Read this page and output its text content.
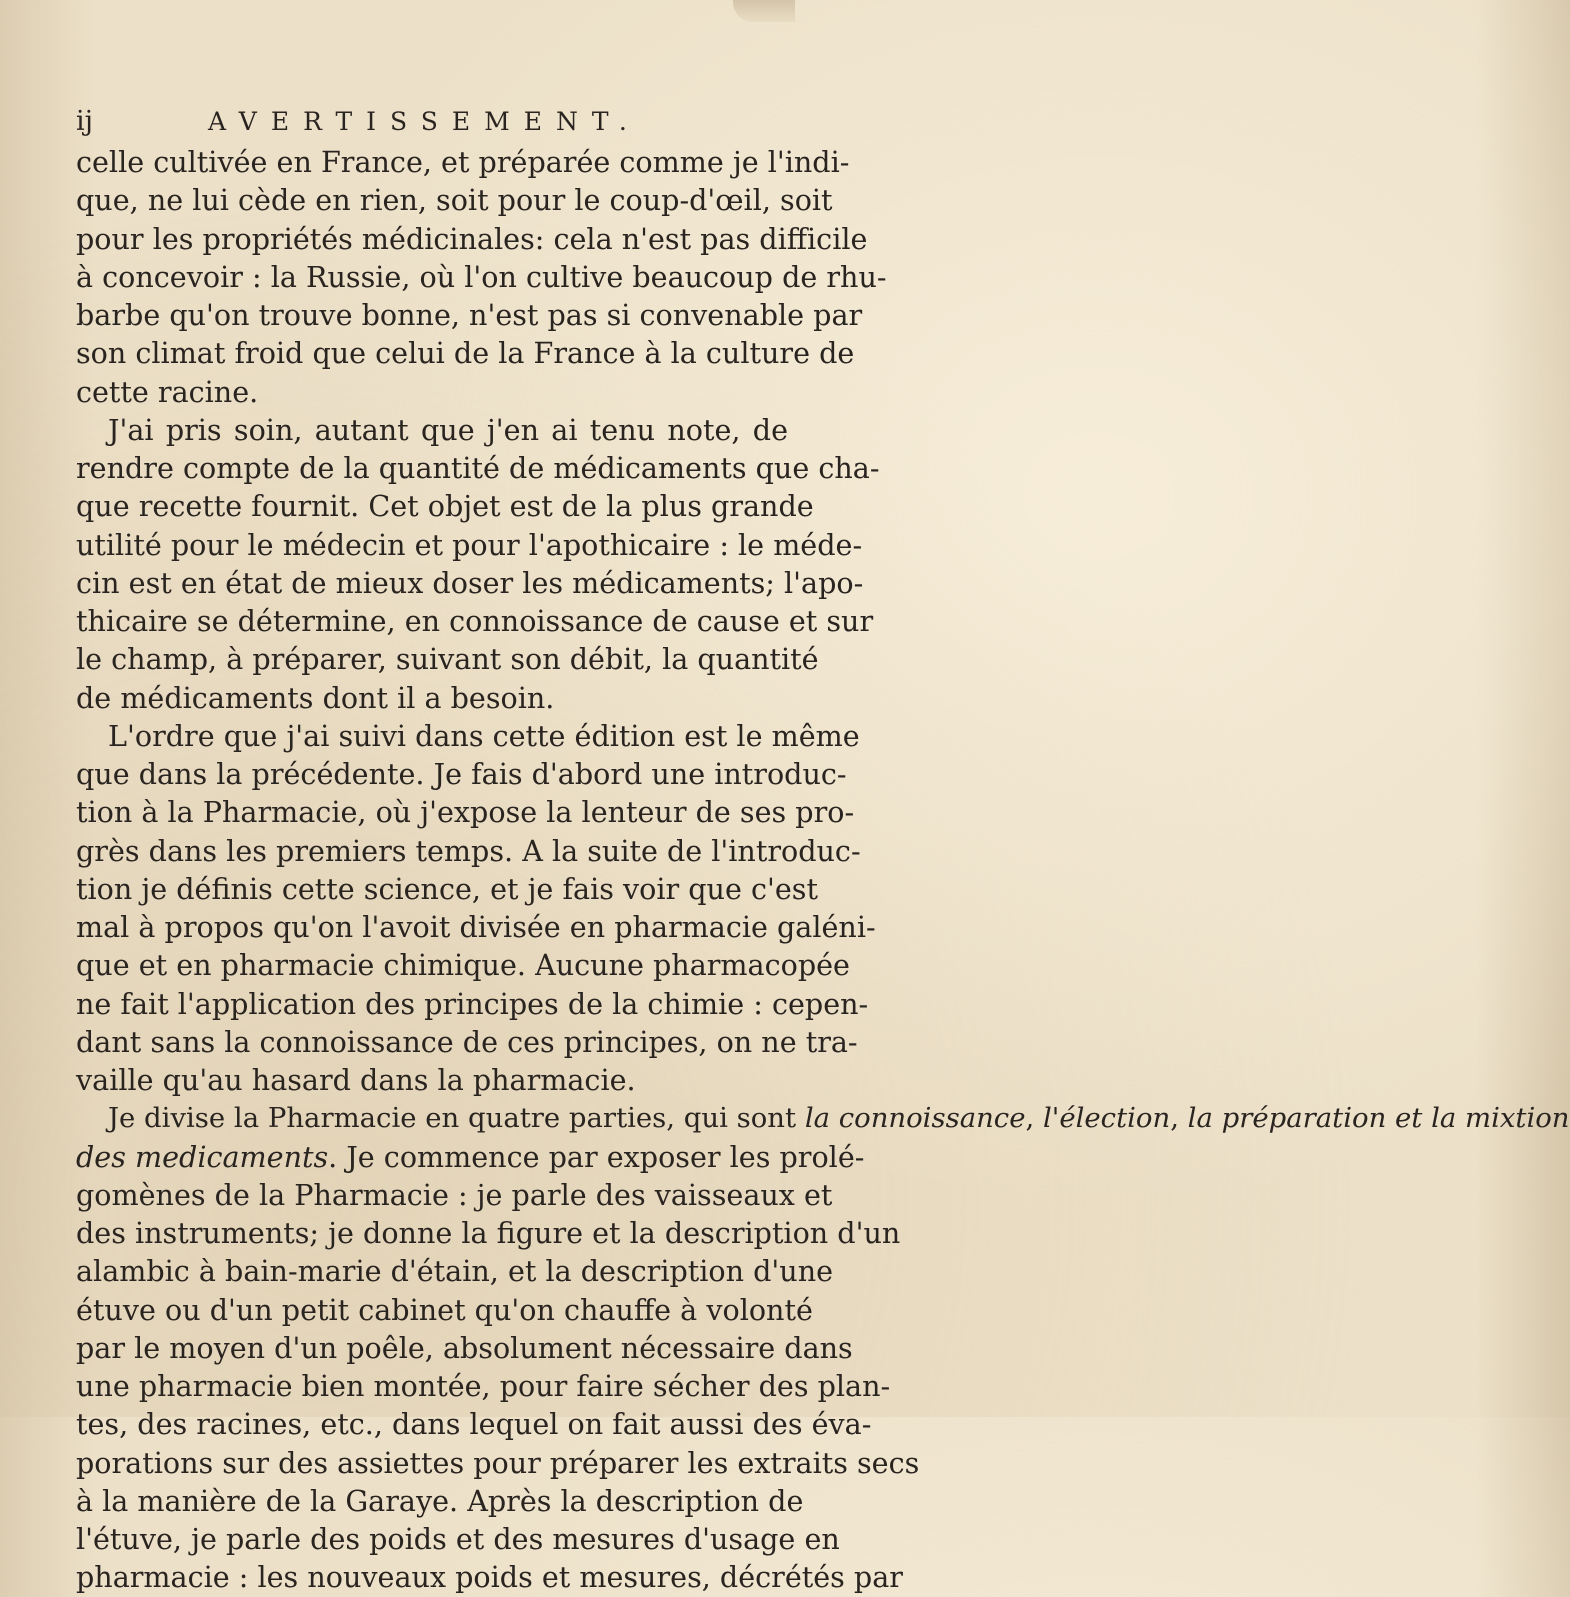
ij	AVERTISSEMENT.
celle cultivée en France, et préparée comme je l'indi-
que, ne lui cède en rien, soit pour le coup-d'œil, soit
pour les propriétés médicinales: cela n'est pas difficile
à concevoir : la Russie, où l'on cultive beaucoup de rhu-
barbe qu'on trouve bonne, n'est pas si convenable par
son climat froid que celui de la France à la culture de
cette racine.
J'ai pris soin, autant que j'en ai tenu note, de
rendre compte de la quantité de médicaments que cha-
que recette fournit. Cet objet est de la plus grande
utilité pour le médecin et pour l'apothicaire : le méde-
cin est en état de mieux doser les médicaments; l'apo-
thicaire se détermine, en connoissance de cause et sur
le champ, à préparer, suivant son débit, la quantité
de médicaments dont il a besoin.
L'ordre que j'ai suivi dans cette édition est le même
que dans la précédente. Je fais d'abord une introduc-
tion à la Pharmacie, où j'expose la lenteur de ses pro-
grès dans les premiers temps. A la suite de l'introduc-
tion je définis cette science, et je fais voir que c'est
mal à propos qu'on l'avoit divisée en pharmacie galéni-
que et en pharmacie chimique. Aucune pharmacopée
ne fait l'application des principes de la chimie : cepen-
dant sans la connoissance de ces principes, on ne tra-
vaille qu'au hasard dans la pharmacie.
Je divise la Pharmacie en quatre parties, qui sont la connoissance, l'élection, la préparation et la mixtion
des medicaments. Je commence par exposer les prolé-
gomènes de la Pharmacie : je parle des vaisseaux et
des instruments; je donne la figure et la description d'un
alambic à bain-marie d'étain, et la description d'une
étuve ou d'un petit cabinet qu'on chauffe à volonté
par le moyen d'un poêle, absolument nécessaire dans
une pharmacie bien montée, pour faire sécher des plan-
tes, des racines, etc., dans lequel on fait aussi des éva-
porations sur des assiettes pour préparer les extraits secs
à la manière de la Garaye. Après la description de
l'étuve, je parle des poids et des mesures d'usage en
pharmacie : les nouveaux poids et mesures, décrétés par
